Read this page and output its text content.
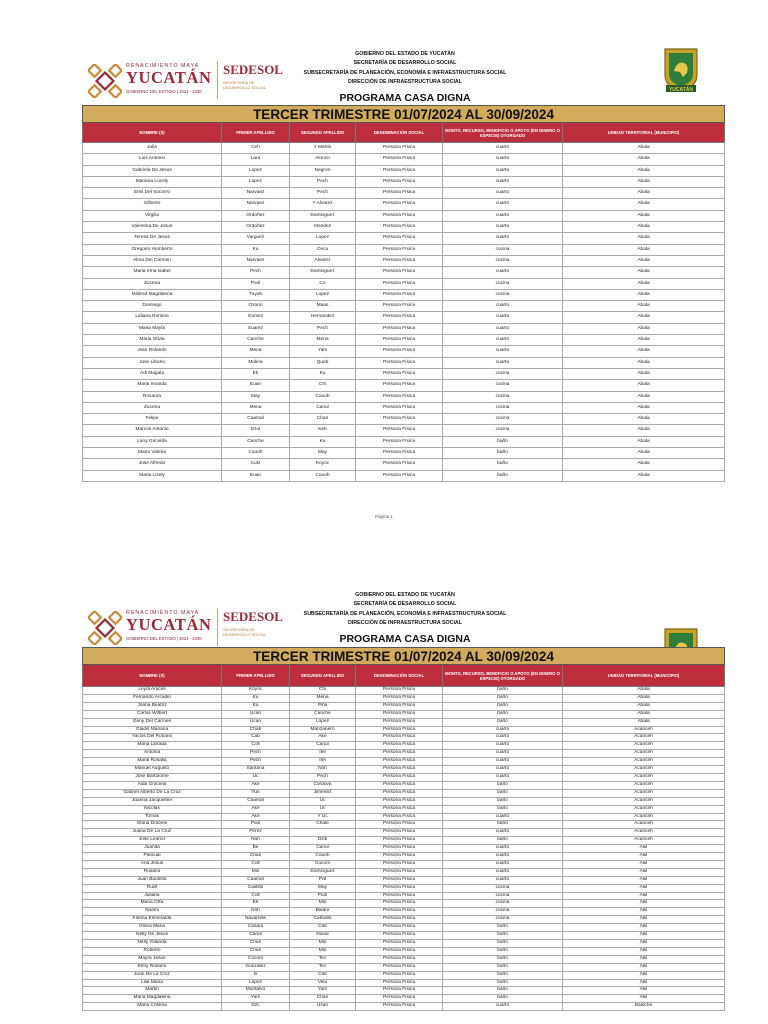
RENACIMIENTO MAYA
YUCATÁN
GOBIERNO DEL ESTADO | 2024 - 2030
SEDESOL
SECRETARÍA DE DESARROLLO SOCIAL
GOBIERNO DEL ESTADO DE YUCATÁN
SECRETARÍA DE DESARROLLO SOCIAL
SUBSECRETARÍA DE PLANEACIÓN, ECONOMÍA E INFRAESTRUCTURA SOCIAL
DIRECCIÓN DE INFRAESTRUCTURA SOCIAL
PROGRAMA CASA DIGNA
YUCATÁN
TERCER TRIMESTRE 01/07/2024 AL 30/09/2024					
NOMBRE (S)	PRIMER APELLIDO	SEGUNDO APELLIDO	DENOMINACIÓN SOCIAL	MONTO, RECURSO, BENEFICIO O APOYO (EN DINERO O ESPECIE) OTORGADO	UNIDAD TERRITORIAL (MUNICIPIO)
Julia	Ceh	Y Martin	Persona Física	cuarto	Abala
Luis Antonio	Lara	Alonzo	Persona Física	cuarto	Abala
Gabriela De Jesus	Lopez	Negron	Persona Física	cuarto	Abala
Mariana Lucely	Lopez	Pech	Persona Física	cuarto	Abala
Emil Del Socorro	Narvaez	Pech	Persona Física	cuarto	Abala
Gilberto	Narvaez	Y Alvarez	Persona Física	cuarto	Abala
Virgilio	Ordoñez	Dominguez	Persona Física	cuarto	Abala
Valentina De Jesus	Ordoñez	Mendez	Persona Física	cuarto	Abala
Teresa De Jesus	Varguez	Lopez	Persona Física	cuarto	Abala
Gregorio Humberto	Ku	Ceca	Persona Física	cocina	Abala
Alma Del Carmen	Narvaez	Alvarez	Persona Física	cocina	Abala
Maria Irma Isabel	Pech	Dominguez	Persona Física	cuarto	Abala
Zucena	Pool	Cu	Persona Física	cocina	Abala
Mildred Magdalena	Tuyub	Lopez	Persona Física	cocina	Abala
Domingo	Ozorio	Maas	Persona Física	cuarto	Abala
Lidiana Romina	Gomez	Hernandez	Persona Física	cuarto	Abala
Maria Maybi	Suarez	Pech	Persona Física	cuarto	Abala
Maria Olivia	Canche	Mena	Persona Física	cuarto	Abala
Jose Rolando	Mena	Yam	Persona Física	cuarto	Abala
Jose Liborio	Molina	Queb	Persona Física	cuarto	Abala
Adi Magala	Ek	Ku	Persona Física	cocina	Abala
Maria Imanda	Euan	Chi	Persona Física	cocina	Abala
Rosaura	May	Couoh	Persona Física	cocina	Abala
Zucena	Mena	Canul	Persona Física	cocina	Abala
Felipe	Caamal	Chan	Persona Física	cocina	Abala
Marcos Antonio	Dzul	Keb	Persona Física	cocina	Abala
Lany Gricelda	Canche	Ku	Persona Física	baño	Abala
Maria Valeria	Couoh	May	Persona Física	baño	Abala
Jose Alfredo	Cutz	Koyoc	Persona Física	baño	Abala
Maria Lizely	Euan	Couoh	Persona Física	baño	Abala
Página 1
RENACIMIENTO MAYA
YUCATÁN
GOBIERNO DEL ESTADO | 2024 - 2030
SEDESOL
SECRETARÍA DE DESARROLLO SOCIAL
GOBIERNO DEL ESTADO DE YUCATÁN
SECRETARÍA DE DESARROLLO SOCIAL
SUBSECRETARÍA DE PLANEACIÓN, ECONOMÍA E INFRAESTRUCTURA SOCIAL
DIRECCIÓN DE INFRAESTRUCTURA SOCIAL
PROGRAMA CASA DIGNA
TERCER TRIMESTRE 01/07/2024 AL 30/09/2024					
NOMBRE (S)	PRIMER APELLIDO	SEGUNDO APELLIDO	DENOMINACIÓN SOCIAL	MONTO, RECURSO, BENEFICIO O APOYO (EN DINERO O ESPECIE) OTORGADO	UNIDAD TERRITORIAL (MUNICIPIO)
Leydi Araceli	Koyoc	Chi	Persona Física	baño	Abala
Fernando Arcadio	Ku	Mena	Persona Física	baño	Abala
Joana Beatriz	Ku	Piña	Persona Física	baño	Abala
Carlos Wilbert	Ucan	Canche	Persona Física	baño	Abala
Geny Del Carmen	Ucan	Lopez	Persona Física	baño	Abala
Gladis Mariana	Chab	Manzanero	Persona Física	cuarto	Acanceh
Yacios Del Rosario	Cab	Ake	Persona Física	cuarto	Acanceh
Maria Librada	Coll	Canul	Persona Física	cuarto	Acanceh
Antonia	Pech	Itel	Persona Física	cuarto	Acanceh
Maria Rosalia	Pech	Itel	Persona Física	cuarto	Acanceh
Manuel Augusto	Santana	Noh	Persona Física	cuarto	Acanceh
Jose Bartolome	Uc	Pech	Persona Física	cuarto	Acanceh
Aida Graciela	Ake	Cordova	Persona Física	baño	Acanceh
Gabriel Alberto De La Cruz	Tun	Jimenez	Persona Física	baño	Acanceh
Joanna Jacqueline	Caamal	Uc	Persona Física	baño	Acanceh
Nicolas	Ake	Uc	Persona Física	baño	Acanceh
Tomas	Ake	Y Uc	Persona Física	cuarto	Acanceh
Gloria Dolores	Pool	Chale	Persona Física	baño	Acanceh
Juana De La Cruz	Perez		Persona Física	cuarto	Acanceh
Jose Leonor	Noh	Dzib	Persona Física	baño	Acanceh
Juanita	Be	Canul	Persona Física	cuarto	Akil
Pascual	Chan	Couoh	Persona Física	cuarto	Akil
Ana Jesus	Coll	Cocom	Persona Física	cuarto	Akil
Rosario	Mis	Dominguez	Persona Física	cuarto	Akil
Juan Bautista	Caamal	Pat	Persona Física	cuarto	Akil
Ruizl	Castillo	May	Persona Física	cocina	Akil
Juliana	Coll	Pool	Persona Física	cocina	Akil
Maria Orfa	Ek	Mis	Persona Física	cocina	Akil
Noemi	Noh	Balam	Persona Física	cocina	Akil
Fatima Esmeralda	Navarrete	Carballo	Persona Física	cocina	Akil
Gloria Maria	Canara	Cab	Persona Física	baño	Akil
Nelly De Jesus	Canul	Naval	Persona Física	baño	Akil
Nelly Yolanda	Chan	Mis	Persona Física	baño	Akil
Roberto	Chan	Mis	Persona Física	baño	Akil
Mayra Jesus	Cocom	Tec	Persona Física	baño	Akil
Elmy Rosario	Gonzalez	Tec	Persona Física	baño	Akil
Juan De La Cruz	Ix	Cab	Persona Física	baño	Akil
Lilia Maria	Lopez	Vela	Persona Física	baño	Akil
Martin	Montalvo	Yam	Persona Física	baño	Akil
Maria Magdalena	Yam	Chan	Persona Física	baño	Akil
Maria Cristina	Dzc	Uzan	Persona Física	cuarto	Baloche
